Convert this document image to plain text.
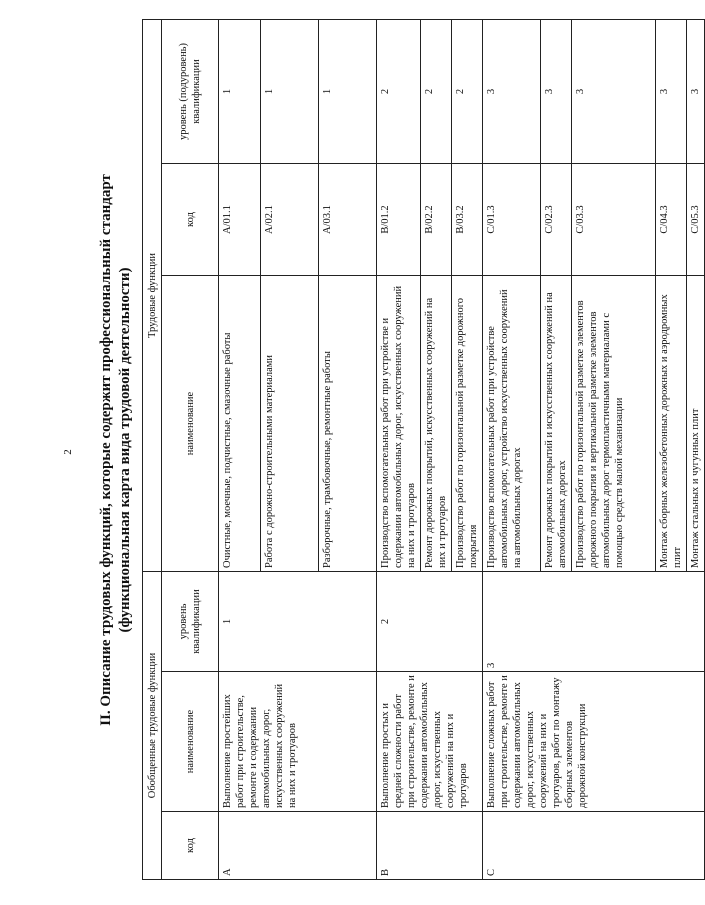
2 II. Описание трудовых функций, которые содержит профессиональный стандарт (функциональная карта вида трудовой деятельности)
Обобщенные трудовые функции			Трудовые функции		
код	наименование	уровень квалификации	наименование	код	уровень (подуровень) квалификации
A	Выполнение простейших работ при строительстве, ремонте и содержании автомобильных дорог, искусственных сооружений на них и тротуаров	1	Очистные, моечные, подчистные, смазочные работы	A/01.1	1
			Работа с дорожно-строительными материалами	A/02.1	1
			Разборочные, трамбовочные, ремонтные работы	A/03.1	1
B	Выполнение простых и средней сложности работ при строительстве, ремонте и содержании автомобильных дорог, искусственных сооружений на них и тротуаров	2	Производство вспомогательных работ при устройстве и содержании автомобильных дорог, искусственных сооружений на них и тротуаров	B/01.2	2
			Ремонт дорожных покрытий, искусственных сооружений на них и тротуаров	B/02.2	2
			Производство работ по горизонтальной разметке дорожного покрытия	B/03.2	2
C	Выполнение сложных работ при строительстве, ремонте и содержании автомобильных дорог, искусственных сооружений на них и тротуаров, работ по монтажу сборных элементов дорожной конструкции	3	Производство вспомогательных работ при устройстве автомобильных дорог, устройство искусственных сооружений на автомобильных дорогах	C/01.3	3
			Ремонт дорожных покрытий и искусственных сооружений на автомобильных дорогах	C/02.3	3
			Производство работ по горизонтальной разметке элементов дорожного покрытия и вертикальной разметке элементов автомобильных дорог термопластичными материалами с помощью средств малой механизации	C/03.3	3
			Монтаж сборных железобетонных дорожных и аэродромных плит	C/04.3	3
			Монтаж стальных и чугунных плит	C/05.3	3
